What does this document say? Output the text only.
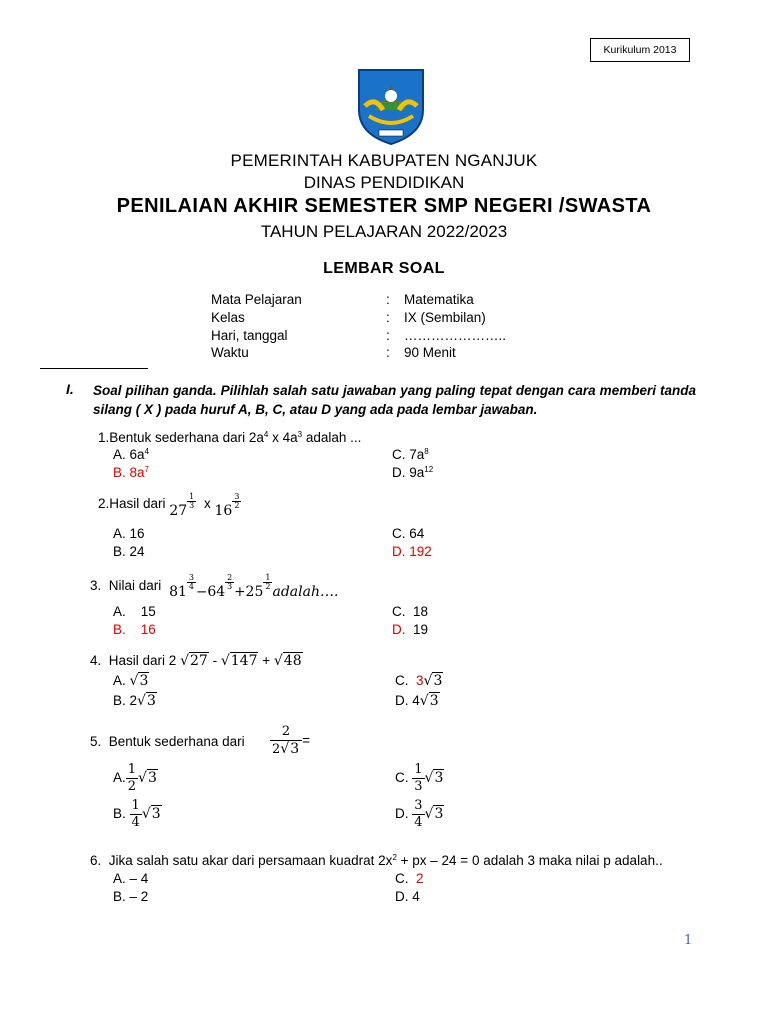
Kurikulum 2013
PEMERINTAH KABUPATEN NGANJUK
DINAS PENDIDIKAN
PENILAIAN AKHIR SEMESTER SMP NEGERI /SWASTA
TAHUN PELAJARAN 2022/2023
LEMBAR SOAL
Mata Pelajaran	: Matematika
Kelas	: IX (Sembilan)
Hari, tanggal	: …………………..
Waktu	: 90 Menit
I. Soal pilihan ganda. Pilihlah salah satu jawaban yang paling tepat dengan cara memberi tanda silang ( X ) pada huruf A, B, C, atau D yang ada pada lembar jawaban.
1.Bentuk sederhana dari $2a^4$ x $4a^3$ adalah ...
A. $6a^4$
B. $8a^7$
C. $7a^8$
D. $9a^{12}$
2.Hasil dari 27
$\frac{1}{3}$ x 16
$\frac{3}{2}$
A. 16
B. 24
C. 64
D. 192
3. Nilai dari 81
$\frac{3}{4}$
−64
$\frac{2}{3}$
+25
$\frac{1}{2}$
adalah….
A. 15
B. 16
C. 18
D. 19
4. Hasil dari 2 √27 - √147 + √48
A. √3
B. 2√3
C. 3√3
D. 4√3
5. Bentuk sederhana dari $\frac{2}{2√3}$ =
A. $\frac{1}{2} √3$
B. $\frac{1}{4} √3$
C. $\frac{1}{3} √3$
D. $\frac{3}{4} √3$
6. Jika salah satu akar dari persamaan kuadrat $2x^2$ + px – 24 = 0 adalah 3 maka nilai p adalah..
A. – 4
B. – 2
C. 2
D. 4
1
